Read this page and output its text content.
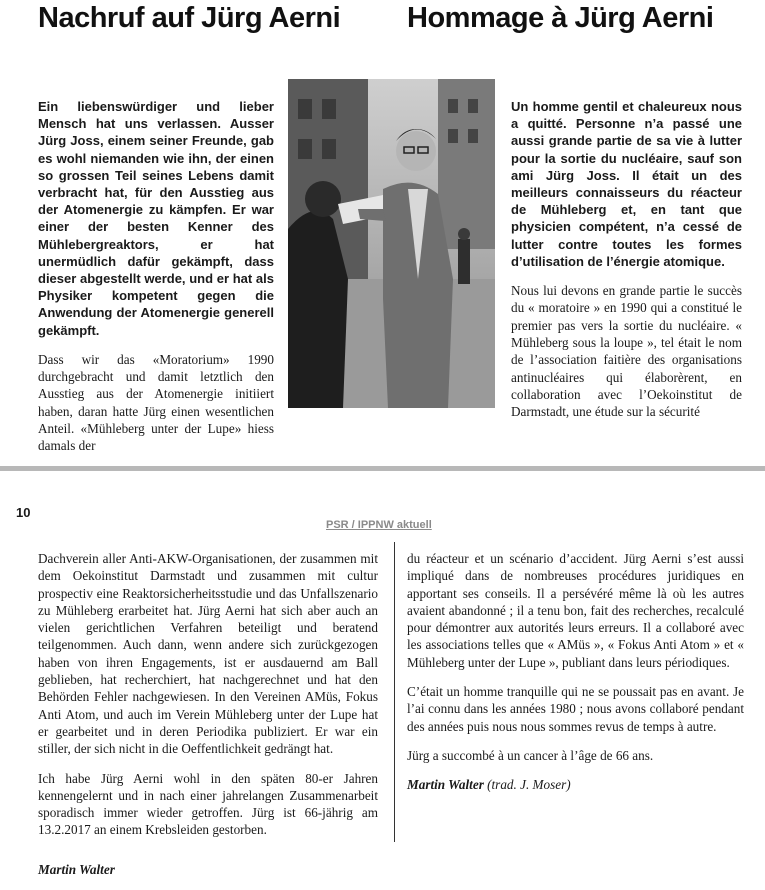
Nachruf auf Jürg Aerni Hommage à Jürg Aerni

Ein liebenswürdiger und lieber Mensch hat uns verlassen. Ausser Jürg Joss, einem seiner Freunde, gab es wohl niemanden wie ihn, der einen so grossen Teil seines Lebens damit verbracht hat, für den Ausstieg aus der Atomenergie zu kämpfen. Er war einer der besten Kenner des Mühlebergreaktors, er hat unermüdlich dafür gekämpft, dass dieser abgestellt werde, und er hat als Physiker kompetent gegen die Anwendung der Atomenergie generell gekämpft.

Dass wir das «Moratorium» 1990 durchgebracht und damit letztlich den Ausstieg aus der Atomenergie initiiert haben, daran hatte Jürg einen wesentlichen Anteil. «Mühleberg unter der Lupe» hiess damals der

Un homme gentil et chaleureux nous a quitté. Personne n’a passé une aussi grande partie de sa vie à lutter pour la sortie du nucléaire, sauf son ami Jürg Joss. Il était un des meilleurs connaisseurs du réacteur de Mühleberg et, en tant que physicien compétent, n’a cessé de lutter contre toutes les formes d’utilisation de l’énergie atomique.

Nous lui devons en grande partie le succès du « moratoire » en 1990 qui a constitué le premier pas vers la sortie du nucléaire. « Mühleberg sous la loupe », tel était le nom de l’association faitière des organisations antinucléaires qui élaborèrent, en collaboration avec l’Oekoinstitut de Darmstadt, une étude sur la sécurité

10
PSR / IPPNW aktuell

Dachverein aller Anti-AKW-Organisationen, der zusammen mit dem Oekoinstitut Darmstadt und zusammen mit cultur prospectiv eine Reaktorsicherheitsstudie und das Unfallszenario zu Mühleberg erarbeitet hat. Jürg Aerni hat sich aber auch an vielen gerichtlichen Verfahren beteiligt und beratend teilgenommen. Auch dann, wenn andere sich zurückgezogen haben von ihren Engagements, ist er ausdauernd am Ball geblieben, hat recherchiert, hat nachgerechnet und hat den Behörden Fehler nachgewiesen. In den Vereinen AMüs, Fokus Anti Atom, und auch im Verein Mühleberg unter der Lupe hat er gearbeitet und in deren Periodika publiziert. Er war ein stiller, der sich nicht in die Oeffentlichkeit gedrängt hat.

Ich habe Jürg Aerni wohl in den späten 80-er Jahren kennengelernt und in nach einer jahrelangen Zusammenarbeit sporadisch immer wieder getroffen. Jürg ist 66-jährig am 13.2.2017 an einem Krebsleiden gestorben.

Martin Walter

du réacteur et un scénario d’accident. Jürg Aerni s’est aussi impliqué dans de nombreuses procédures juridiques en apportant ses conseils. Il a persévéré même là où les autres avaient abandonné ; il a tenu bon, fait des recherches, recalculé pour démontrer aux autorités leurs erreurs. Il a collaboré avec les associations telles que « AMüs », « Fokus Anti Atom » et « Mühleberg unter der Lupe », publiant dans leurs périodiques.

C’était un homme tranquille qui ne se poussait pas en avant. Je l’ai connu dans les années 1980 ; nous avons collaboré pendant des années puis nous nous sommes revus de temps à autre.

Jürg a succombé à un cancer à l’âge de 66 ans.

Martin Walter (trad. J. Moser)
